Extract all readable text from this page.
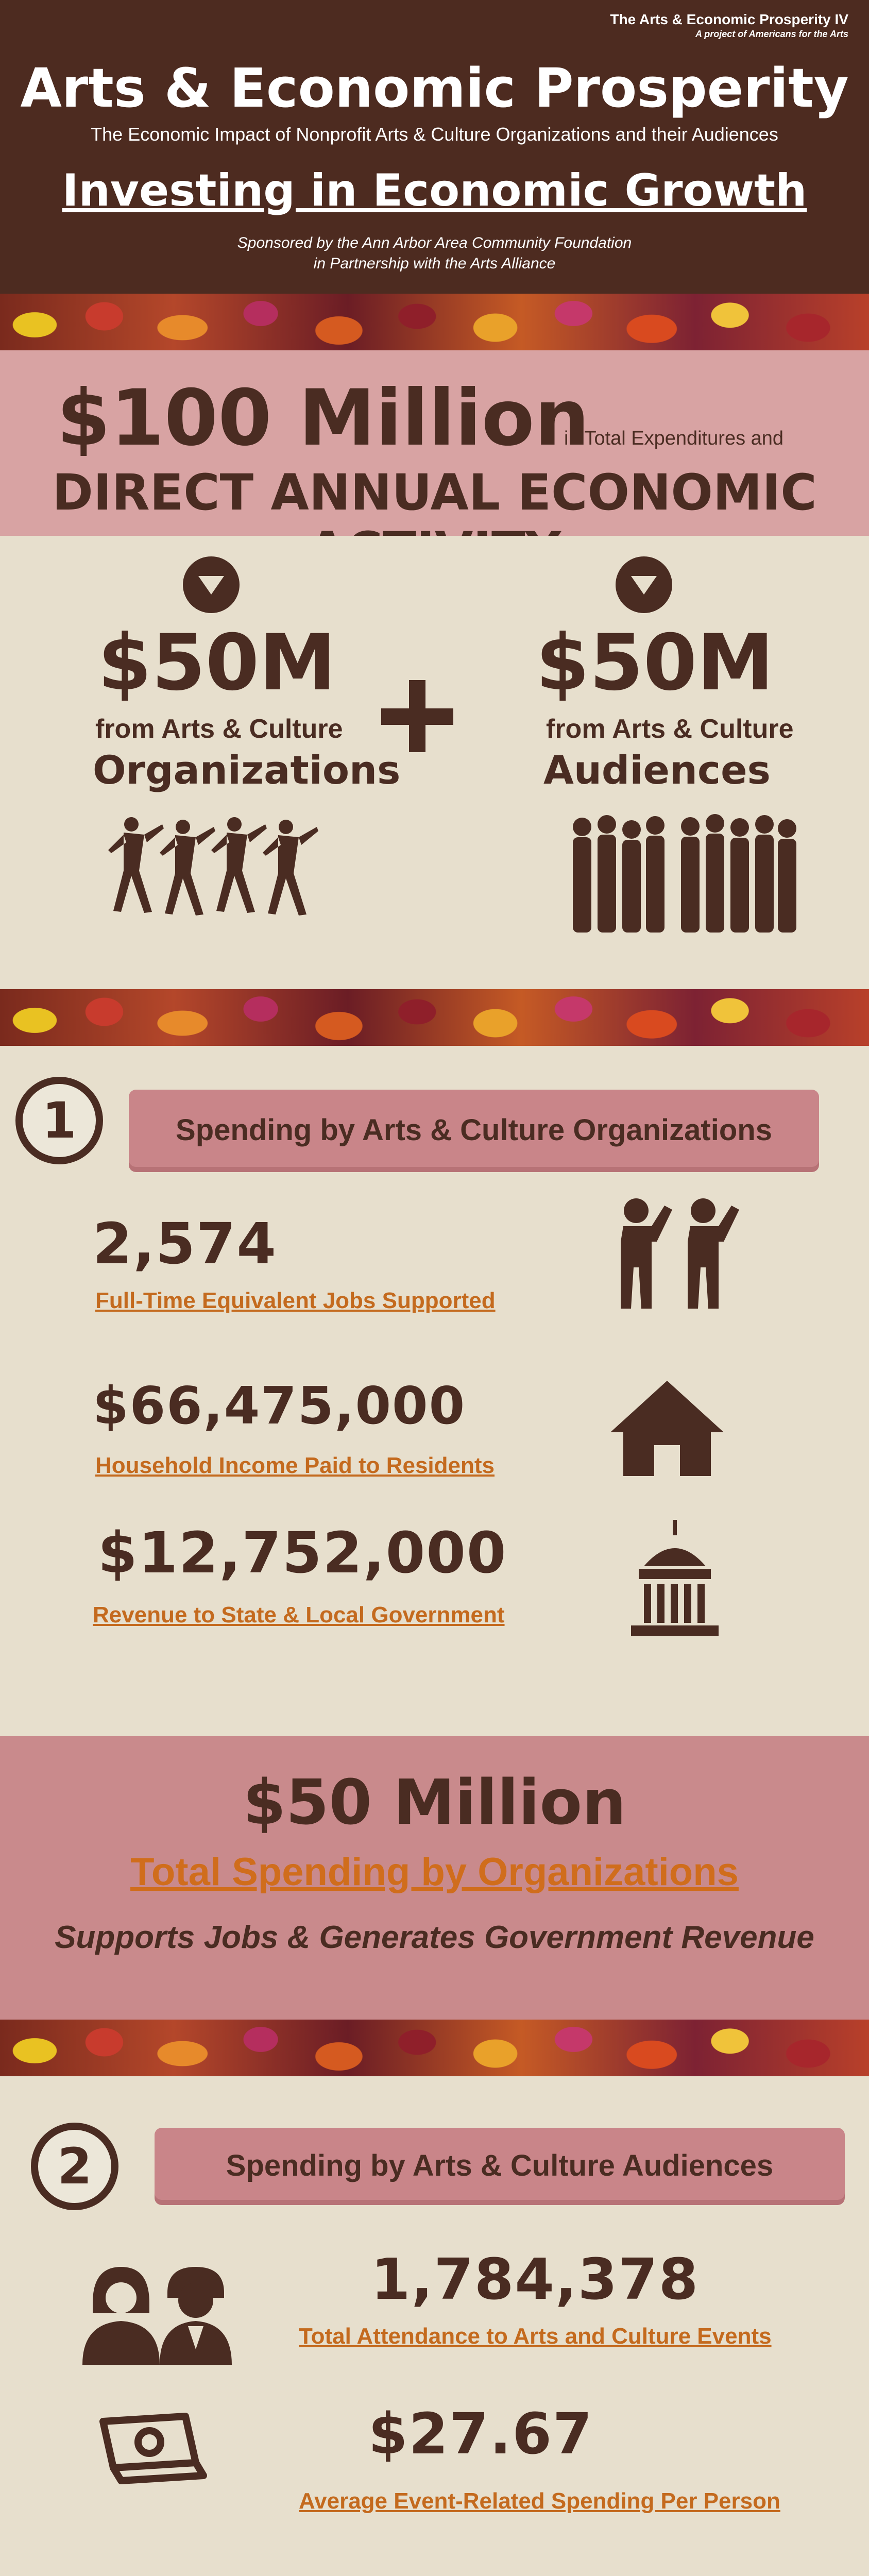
The Arts & Economic Prosperity IV
A project of Americans for the Arts
Arts & Economic Prosperity
The Economic Impact of Nonprofit Arts & Culture Organizations and their Audiences
Investing in Economic Growth
Sponsored by the Ann Arbor Area Community Foundation
in Partnership with the Arts Alliance
$100 Million
in Total Expenditures and
DIRECT ANNUAL ECONOMIC
$50M
from Arts & Culture
Organizations
$50M
from Arts & Culture
Audiences
1	Spending by Arts & Culture Organizations
2,574
Full-Time Equivalent Jobs Supported
$66,475,000
Household Income Paid to Residents
$12,752,000
Revenue to State & Local Government
$50 Million
Total Spending by Organizations
Supports Jobs & Generates Government Revenue
2	Spending by Arts & Culture Audiences
1,784,378
Total Attendance to Arts and Culture Events
$27.67
Average Event-Related Spending Per Person
